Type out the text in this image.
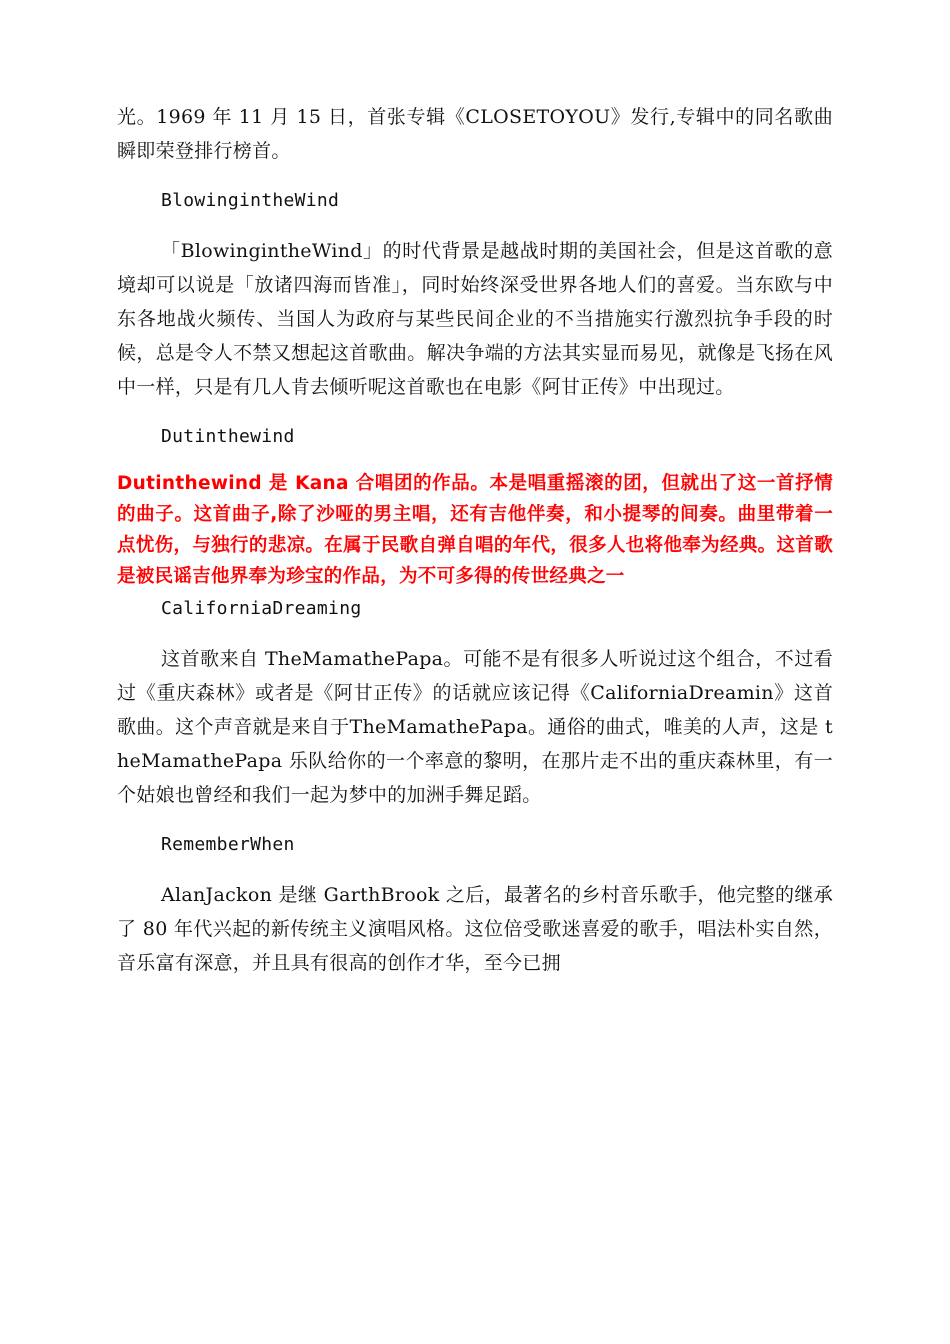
光。1969 年 11 月 15 日，首张专辑《CLOSETOYOU》发行,专辑中的同名歌曲瞬即荣登排行榜首。

BlowingintheWind

「BlowingintheWind」的时代背景是越战时期的美国社会，但是这首歌的意境却可以说是「放诸四海而皆准」，同时始终深受世界各地人们的喜爱。当东欧与中东各地战火频传、当国人为政府与某些民间企业的不当措施实行激烈抗争手段的时候，总是令人不禁又想起这首歌曲。解决争端的方法其实显而易见，就像是飞扬在风中一样，只是有几人肯去倾听呢这首歌也在电影《阿甘正传》中出现过。

Dutinthewind

Dutinthewind 是 Kana 合唱团的作品。本是唱重摇滚的团，但就出了这一首抒情的曲子。这首曲子,除了沙哑的男主唱，还有吉他伴奏，和小提琴的间奏。曲里带着一点忧伤，与独行的悲凉。在属于民歌自弹自唱的年代，很多人也将他奉为经典。这首歌是被民谣吉他界奉为珍宝的作品，为不可多得的传世经典之一

CaliforniaDreaming

这首歌来自 TheMamathePapa。可能不是有很多人听说过这个组合，不过看过《重庆森林》或者是《阿甘正传》的话就应该记得《CaliforniaDreamin》这首歌曲。这个声音就是来自于TheMamathePapa。通俗的曲式，唯美的人声，这是 theMamathePapa 乐队给你的一个率意的黎明，在那片走不出的重庆森林里，有一个姑娘也曾经和我们一起为梦中的加洲手舞足蹈。

RememberWhen

AlanJackon 是继 GarthBrook 之后，最著名的乡村音乐歌手，他完整的继承了 80 年代兴起的新传统主义演唱风格。这位倍受歌迷喜爱的歌手，唱法朴实自然，音乐富有深意，并且具有很高的创作才华，至今已拥
